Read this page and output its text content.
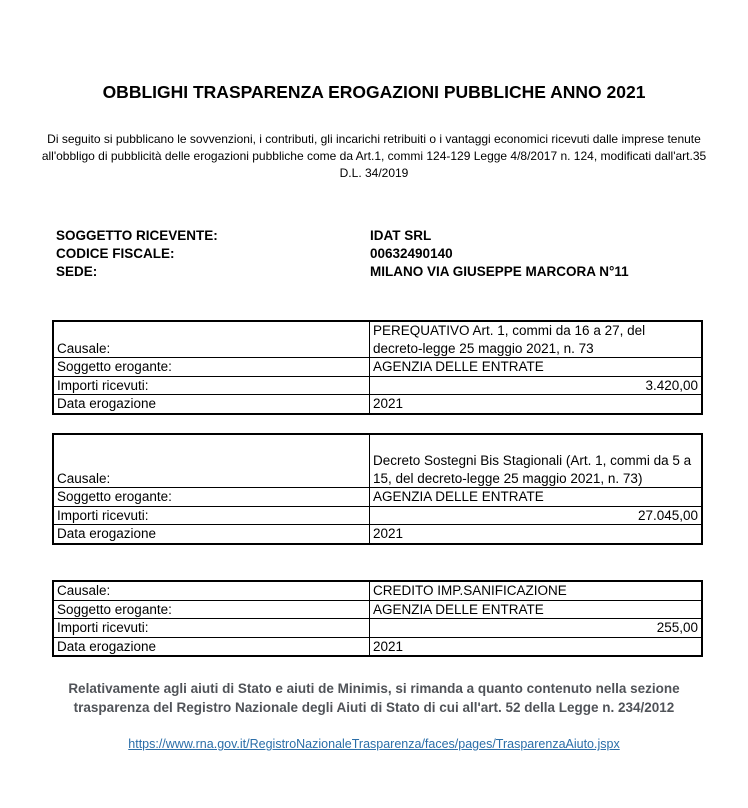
OBBLIGHI TRASPARENZA EROGAZIONI PUBBLICHE ANNO 2021
Di seguito si pubblicano le sovvenzioni, i contributi, gli incarichi retribuiti o i vantaggi economici ricevuti dalle imprese tenute all'obbligo di pubblicità delle erogazioni pubbliche come da Art.1, commi 124-129 Legge 4/8/2017 n. 124, modificati dall'art.35 D.L. 34/2019
SOGGETTO RICEVENTE:	IDAT SRL
CODICE FISCALE:	00632490140
SEDE:	MILANO VIA GIUSEPPE MARCORA N°11
Causale:	PEREQUATIVO Art. 1, commi da 16 a 27, del decreto-legge 25 maggio 2021, n. 73
Soggetto erogante:	AGENZIA DELLE ENTRATE
Importi ricevuti:	3.420,00
Data erogazione	2021
Causale:	Decreto Sostegni Bis Stagionali (Art. 1, commi da 5 a 15, del decreto-legge 25 maggio 2021, n. 73)
Soggetto erogante:	AGENZIA DELLE ENTRATE
Importi ricevuti:	27.045,00
Data erogazione	2021
Causale:	CREDITO IMP.SANIFICAZIONE
Soggetto erogante:	AGENZIA DELLE ENTRATE
Importi ricevuti:	255,00
Data erogazione	2021
Relativamente agli aiuti di Stato e aiuti de Minimis, si rimanda a quanto contenuto nella sezione trasparenza del Registro Nazionale degli Aiuti di Stato di cui all'art. 52 della Legge n. 234/2012
https://www.rna.gov.it/RegistroNazionaleTrasparenza/faces/pages/TrasparenzaAiuto.jspx
